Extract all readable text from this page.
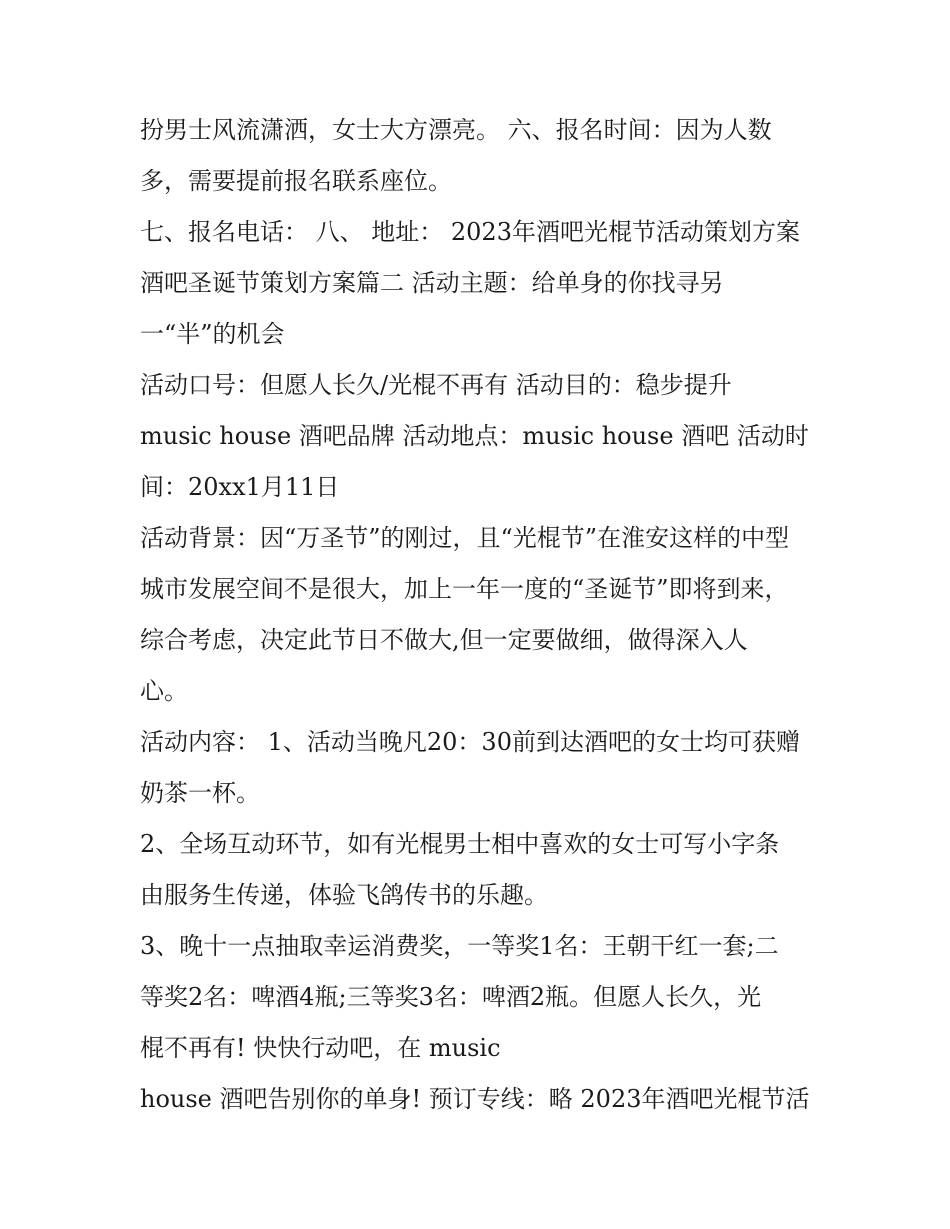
扮男士风流潇洒，女士大方漂亮。 六、报名时间：因为人数
多，需要提前报名联系座位。
七、报名电话： 八、 地址： 2023年酒吧光棍节活动策划方案
酒吧圣诞节策划方案篇二 活动主题：给单身的你找寻另
一“半”的机会
活动口号：但愿人长久/光棍不再有 活动目的：稳步提升
music house 酒吧品牌 活动地点：music house 酒吧 活动时
间：20xx1月11日
活动背景：因“万圣节”的刚过，且“光棍节”在淮安这样的中型
城市发展空间不是很大，加上一年一度的“圣诞节”即将到来，
综合考虑，决定此节日不做大,但一定要做细，做得深入人
心。
活动内容： 1、活动当晚凡20：30前到达酒吧的女士均可获赠
奶茶一杯。
2、全场互动环节，如有光棍男士相中喜欢的女士可写小字条
由服务生传递，体验飞鸽传书的乐趣。
3、晚十一点抽取幸运消费奖，一等奖1名：王朝干红一套;二
等奖2名：啤酒4瓶;三等奖3名：啤酒2瓶。但愿人长久，光
棍不再有! 快快行动吧，在 music
house 酒吧告别你的单身! 预订专线：略 2023年酒吧光棍节活
